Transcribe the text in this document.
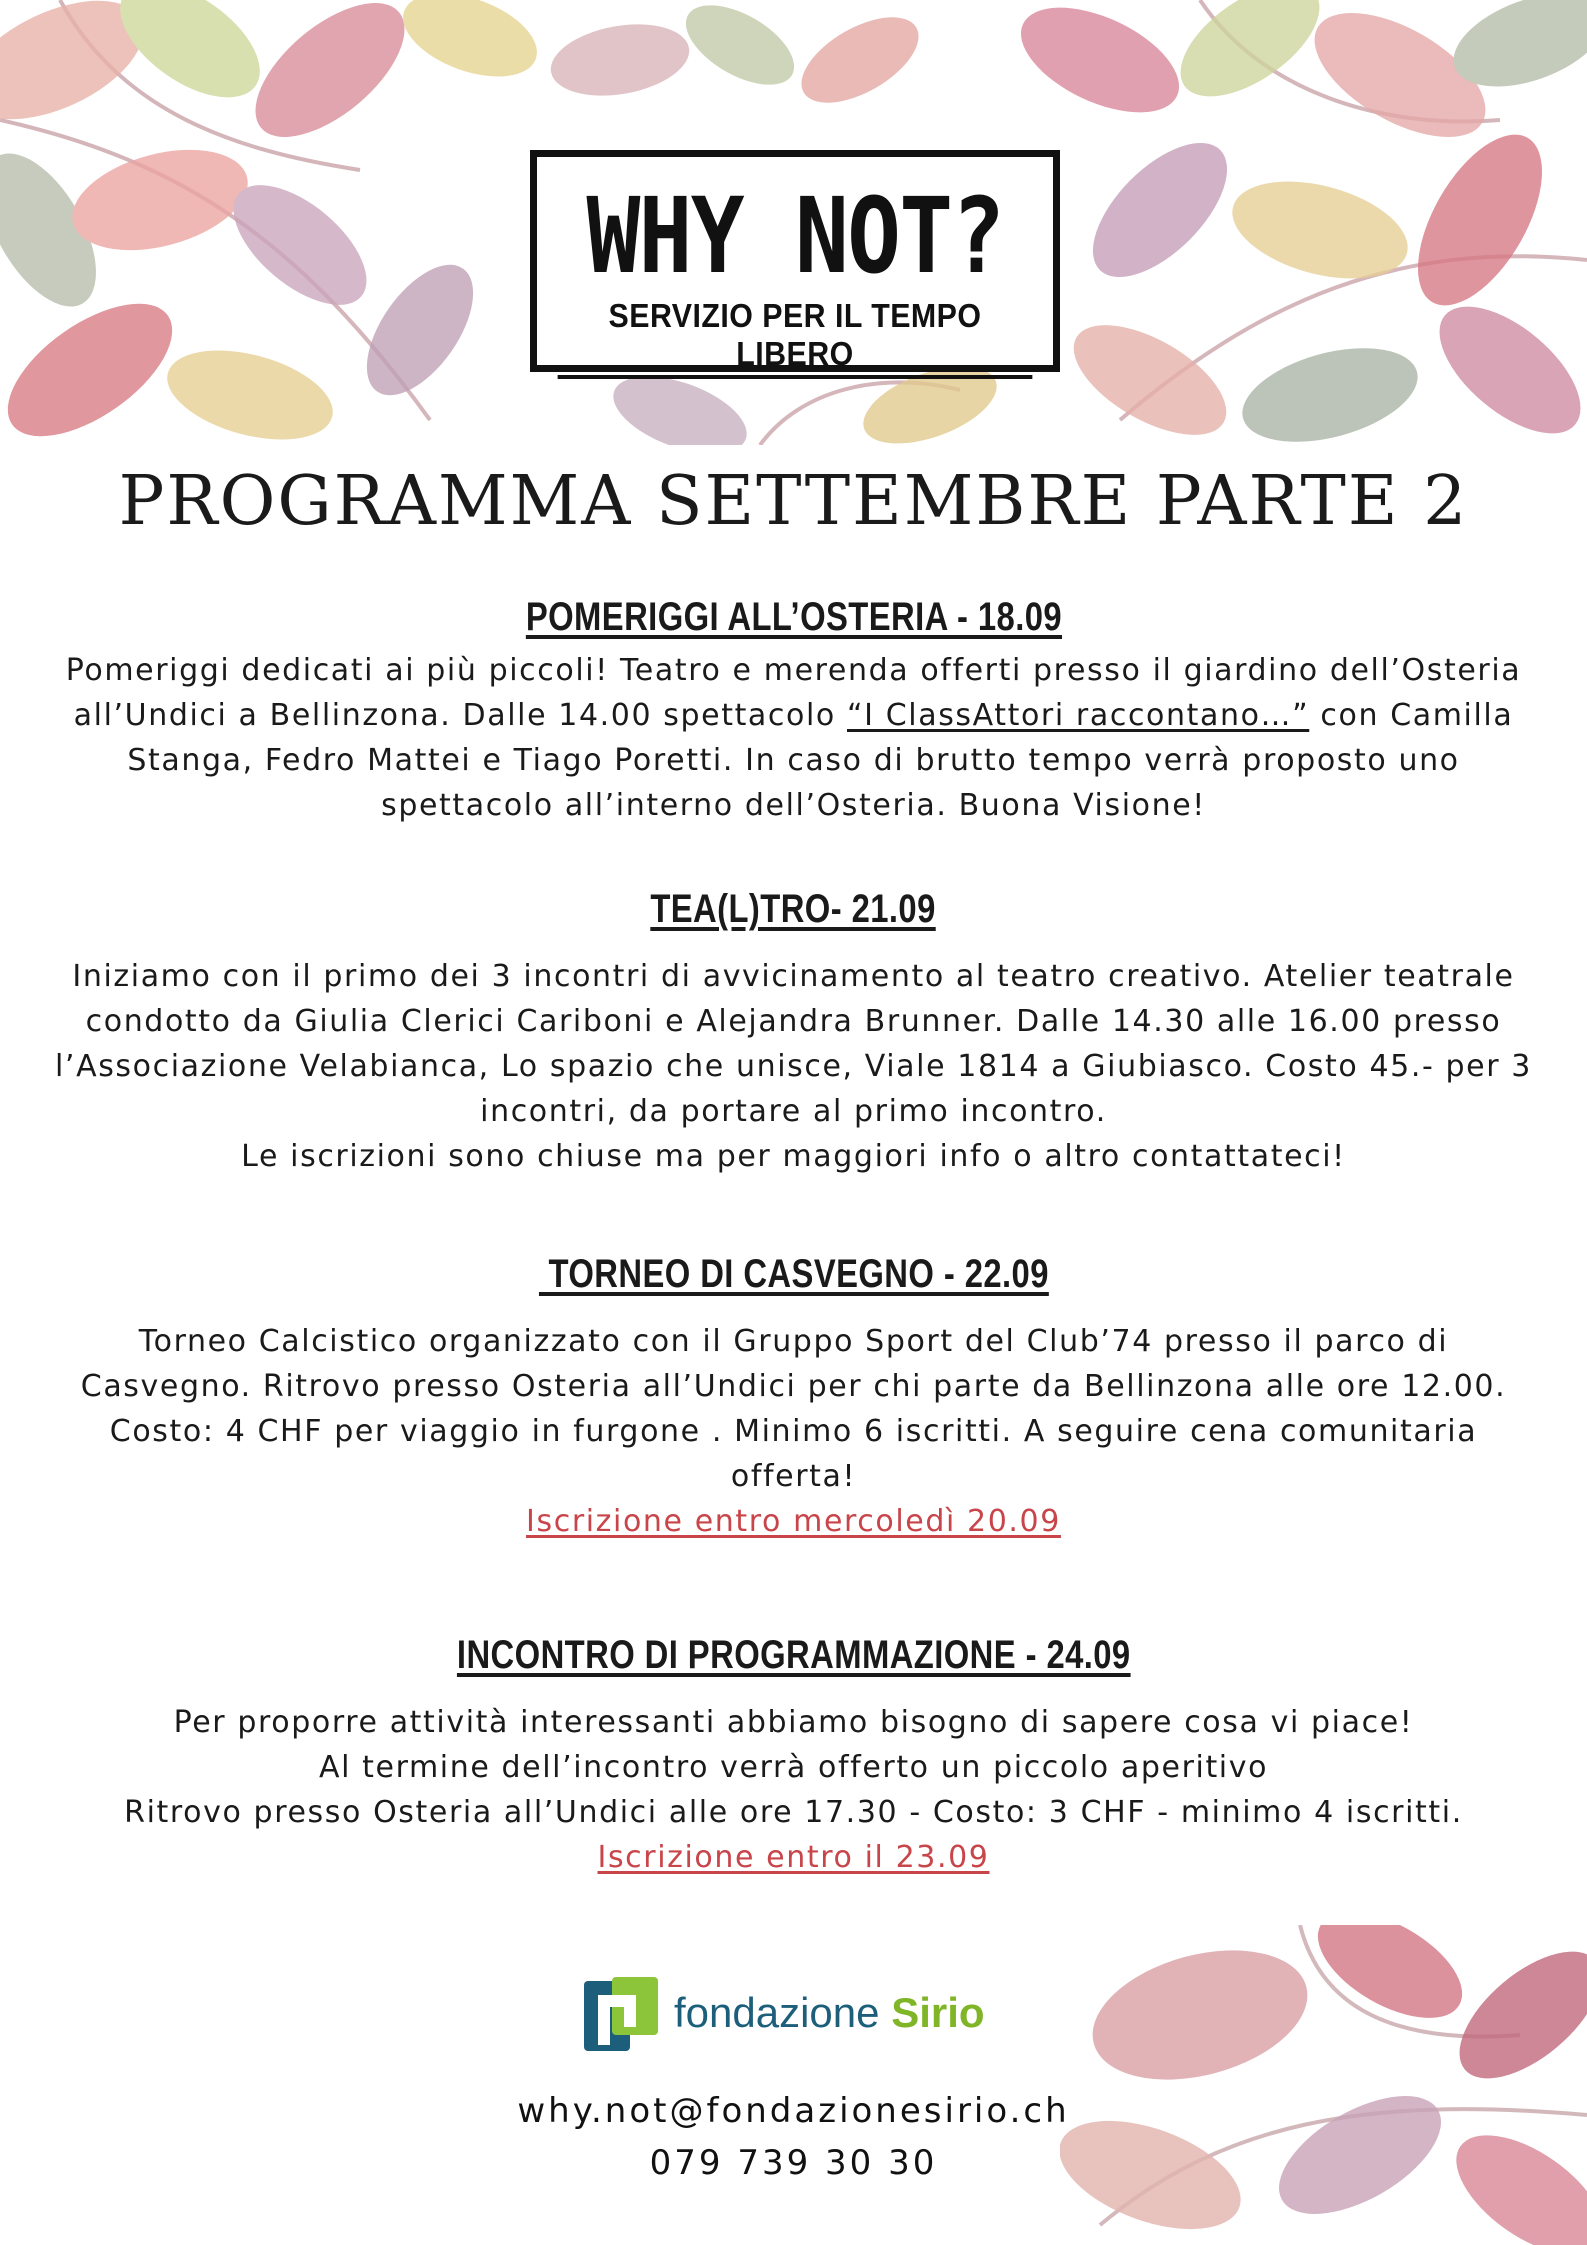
WHY NOT?
SERVIZIO PER IL TEMPO LIBERO
PROGRAMMA SETTEMBRE PARTE 2
POMERIGGI ALL’OSTERIA - 18.09

Pomeriggi dedicati ai più piccoli! Teatro e merenda offerti presso il giardino dell’Osteria
all’Undici a Bellinzona. Dalle 14.00 spettacolo “I ClassAttori raccontano…” con Camilla
Stanga, Fedro Mattei e Tiago Poretti. In caso di brutto tempo verrà proposto uno
spettacolo all’interno dell’Osteria. Buona Visione!

TEA(L)TRO- 21.09

Iniziamo con il primo dei 3 incontri di avvicinamento al teatro creativo. Atelier teatrale
condotto da Giulia Clerici Cariboni e Alejandra Brunner. Dalle 14.30 alle 16.00 presso
l’Associazione Velabianca, Lo spazio che unisce, Viale 1814 a Giubiasco. Costo 45.- per 3
incontri, da portare al primo incontro.
Le iscrizioni sono chiuse ma per maggiori info o altro contattateci!

TORNEO DI CASVEGNO - 22.09

Torneo Calcistico organizzato con il Gruppo Sport del Club’74 presso il parco di
Casvegno. Ritrovo presso Osteria all’Undici per chi parte da Bellinzona alle ore 12.00.
Costo: 4 CHF per viaggio in furgone . Minimo 6 iscritti. A seguire cena comunitaria
offerta!
Iscrizione entro mercoledì 20.09

INCONTRO DI PROGRAMMAZIONE - 24.09

Per proporre attività interessanti abbiamo bisogno di sapere cosa vi piace!
Al termine dell’incontro verrà offerto un piccolo aperitivo
Ritrovo presso Osteria all’Undici alle ore 17.30 - Costo: 3 CHF - minimo 4 iscritti.
Iscrizione entro il 23.09

fondazione Sirio
why.not@fondazionesirio.ch
079 739 30 30
